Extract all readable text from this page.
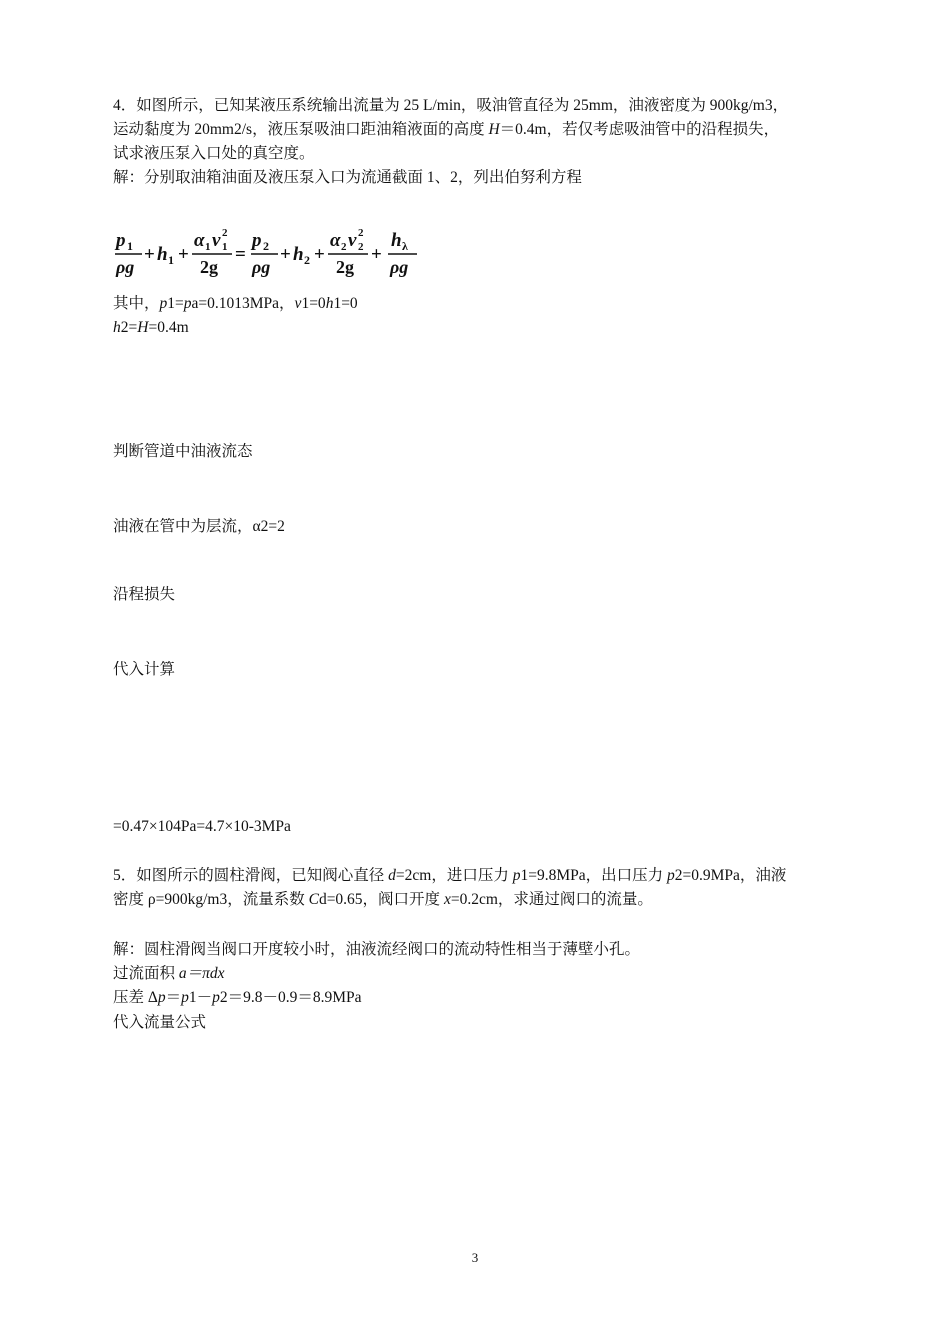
4．如图所示，已知某液压系统输出流量为 25 L/min，吸油管直径为 25mm，油液密度为 900kg/m3，
运动黏度为 20mm2/s，液压泵吸油口距油箱液面的高度 H＝0.4m，若仅考虑吸油管中的沿程损失，
试求液压泵入口处的真空度。
解：分别取油箱油面及液压泵入口为流通截面 1、2，列出伯努利方程
p 1
ρg
+ h 1 +
α 1 v 1
2
2g
=
p 2
ρg
+ h 2 +
α 2 v 2
2
2g
+
h λ
ρg
其中，p1=pa=0.1013MPa，v1=0h1=0
h2=H=0.4m
判断管道中油液流态
油液在管中为层流，α2=2
沿程损失
代入计算
=0.47×104Pa=4.7×10-3MPa
5．如图所示的圆柱滑阀，已知阀心直径 d=2cm，进口压力 p1=9.8MPa，出口压力 p2=0.9MPa，油液
密度 ρ=900kg/m3，流量系数 Cd=0.65，阀口开度 x=0.2cm，求通过阀口的流量。
解：圆柱滑阀当阀口开度较小时，油液流经阀口的流动特性相当于薄壁小孔。
过流面积 a＝πdx
压差 Δp＝p1－p2＝9.8－0.9＝8.9MPa
代入流量公式
3
